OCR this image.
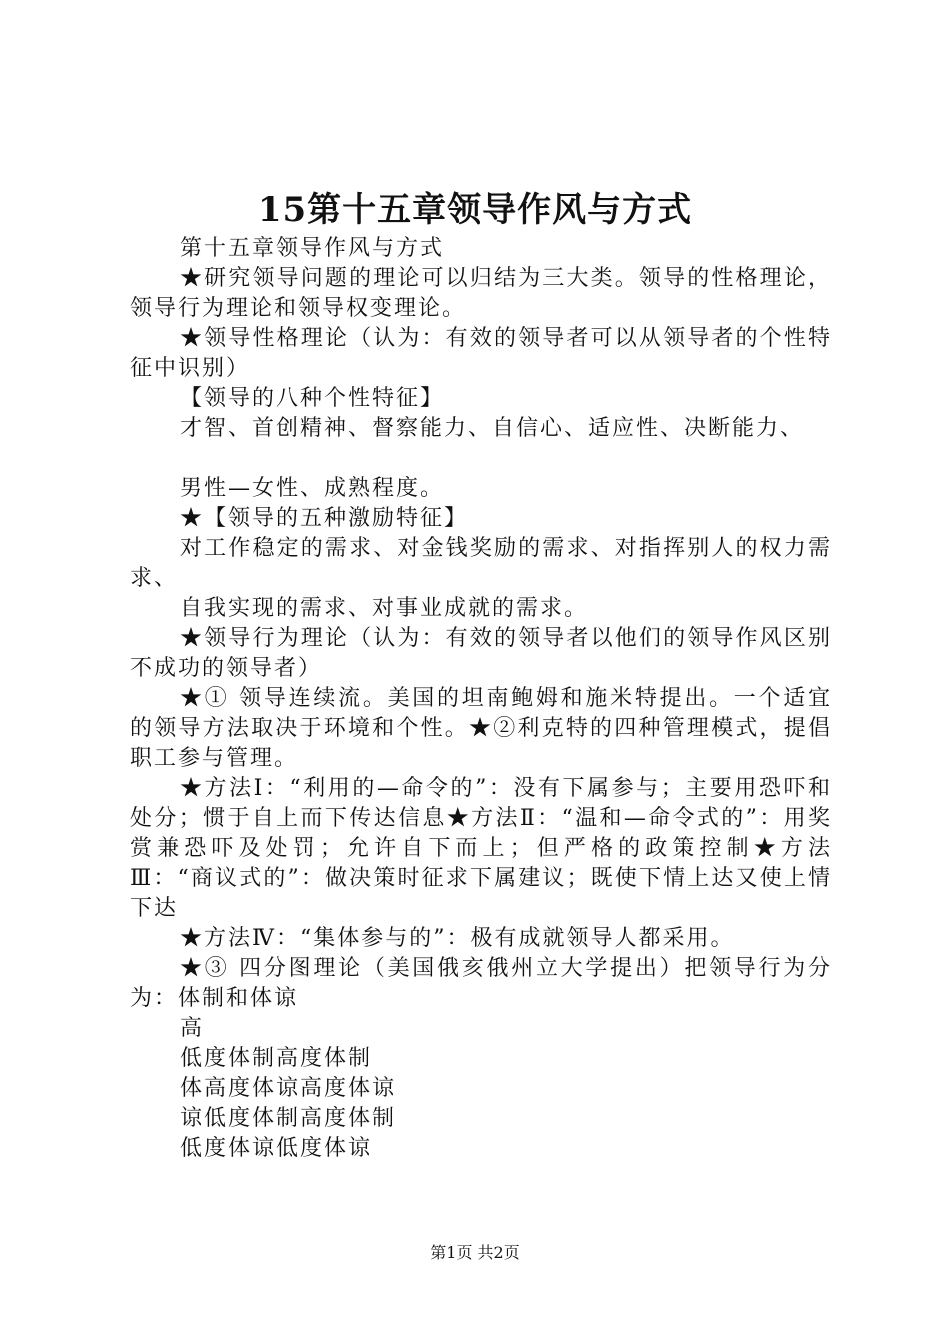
15第十五章领导作风与方式

第十五章领导作风与方式

★研究领导问题的理论可以归结为三大类。领导的性格理论，领导行为理论和领导权变理论。

★领导性格理论（认为：有效的领导者可以从领导者的个性特征中识别）

【领导的八种个性特征】

才智、首创精神、督察能力、自信心、适应性、决断能力、

男性—女性、成熟程度。

★【领导的五种激励特征】

对工作稳定的需求、对金钱奖励的需求、对指挥别人的权力需求、

自我实现的需求、对事业成就的需求。

★领导行为理论（认为：有效的领导者以他们的领导作风区别不成功的领导者）

★① 领导连续流。美国的坦南鲍姆和施米特提出。一个适宜的领导方法取决于环境和个性。★②利克特的四种管理模式，提倡职工参与管理。

★方法Ⅰ：“利用的—命令的”：没有下属参与；主要用恐吓和处分；惯于自上而下传达信息★方法Ⅱ：“温和—命令式的”：用奖赏兼恐吓及处罚；允许自下而上；但严格的政策控制★方法Ⅲ：“商议式的”：做决策时征求下属建议；既使下情上达又使上情下达

★方法Ⅳ：“集体参与的”：极有成就领导人都采用。

★③ 四分图理论（美国俄亥俄州立大学提出）把领导行为分为：体制和体谅

高

低度体制高度体制

体高度体谅高度体谅

谅低度体制高度体制

低度体谅低度体谅

第1页 共2页
